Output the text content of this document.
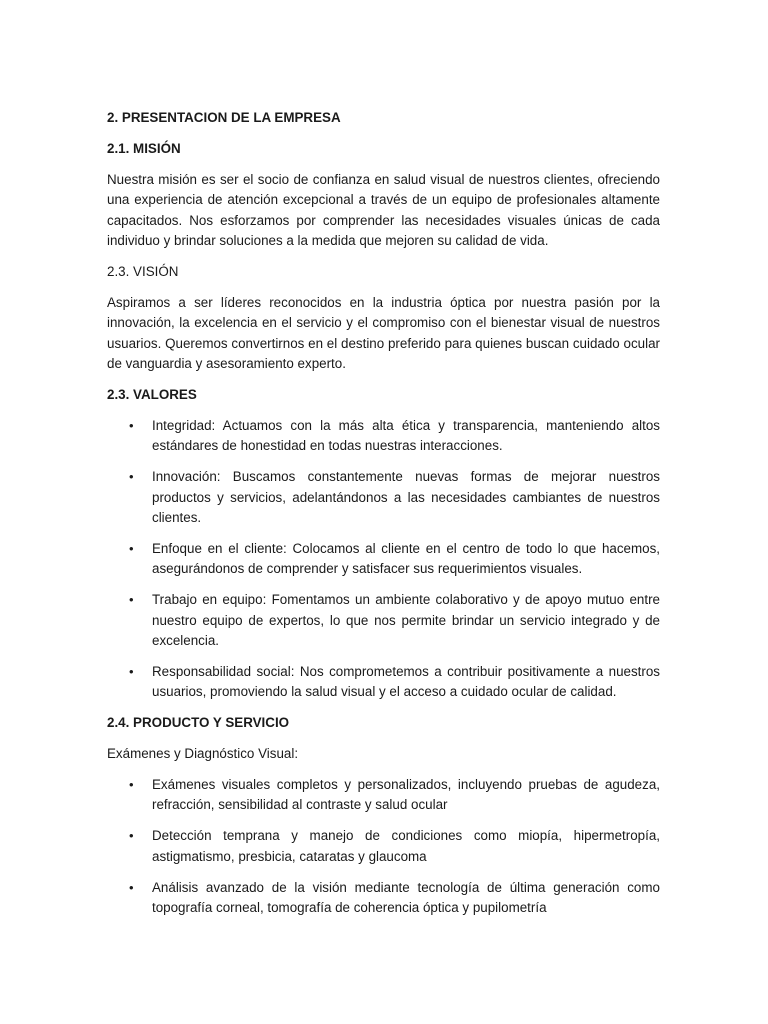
2. PRESENTACION DE LA EMPRESA

2.1. MISIÓN

Nuestra misión es ser el socio de confianza en salud visual de nuestros clientes, ofreciendo una experiencia de atención excepcional a través de un equipo de profesionales altamente capacitados. Nos esforzamos por comprender las necesidades visuales únicas de cada individuo y brindar soluciones a la medida que mejoren su calidad de vida.

2.3. VISIÓN

Aspiramos a ser líderes reconocidos en la industria óptica por nuestra pasión por la innovación, la excelencia en el servicio y el compromiso con el bienestar visual de nuestros usuarios. Queremos convertirnos en el destino preferido para quienes buscan cuidado ocular de vanguardia y asesoramiento experto.

2.3. VALORES

• Integridad: Actuamos con la más alta ética y transparencia, manteniendo altos estándares de honestidad en todas nuestras interacciones.
• Innovación: Buscamos constantemente nuevas formas de mejorar nuestros productos y servicios, adelantándonos a las necesidades cambiantes de nuestros clientes.
• Enfoque en el cliente: Colocamos al cliente en el centro de todo lo que hacemos, asegurándonos de comprender y satisfacer sus requerimientos visuales.
• Trabajo en equipo: Fomentamos un ambiente colaborativo y de apoyo mutuo entre nuestro equipo de expertos, lo que nos permite brindar un servicio integrado y de excelencia.
• Responsabilidad social: Nos comprometemos a contribuir positivamente a nuestros usuarios, promoviendo la salud visual y el acceso a cuidado ocular de calidad.

2.4. PRODUCTO Y SERVICIO

Exámenes y Diagnóstico Visual:

• Exámenes visuales completos y personalizados, incluyendo pruebas de agudeza, refracción, sensibilidad al contraste y salud ocular
• Detección temprana y manejo de condiciones como miopía, hipermetropía, astigmatismo, presbicia, cataratas y glaucoma
• Análisis avanzado de la visión mediante tecnología de última generación como topografía corneal, tomografía de coherencia óptica y pupilometría
